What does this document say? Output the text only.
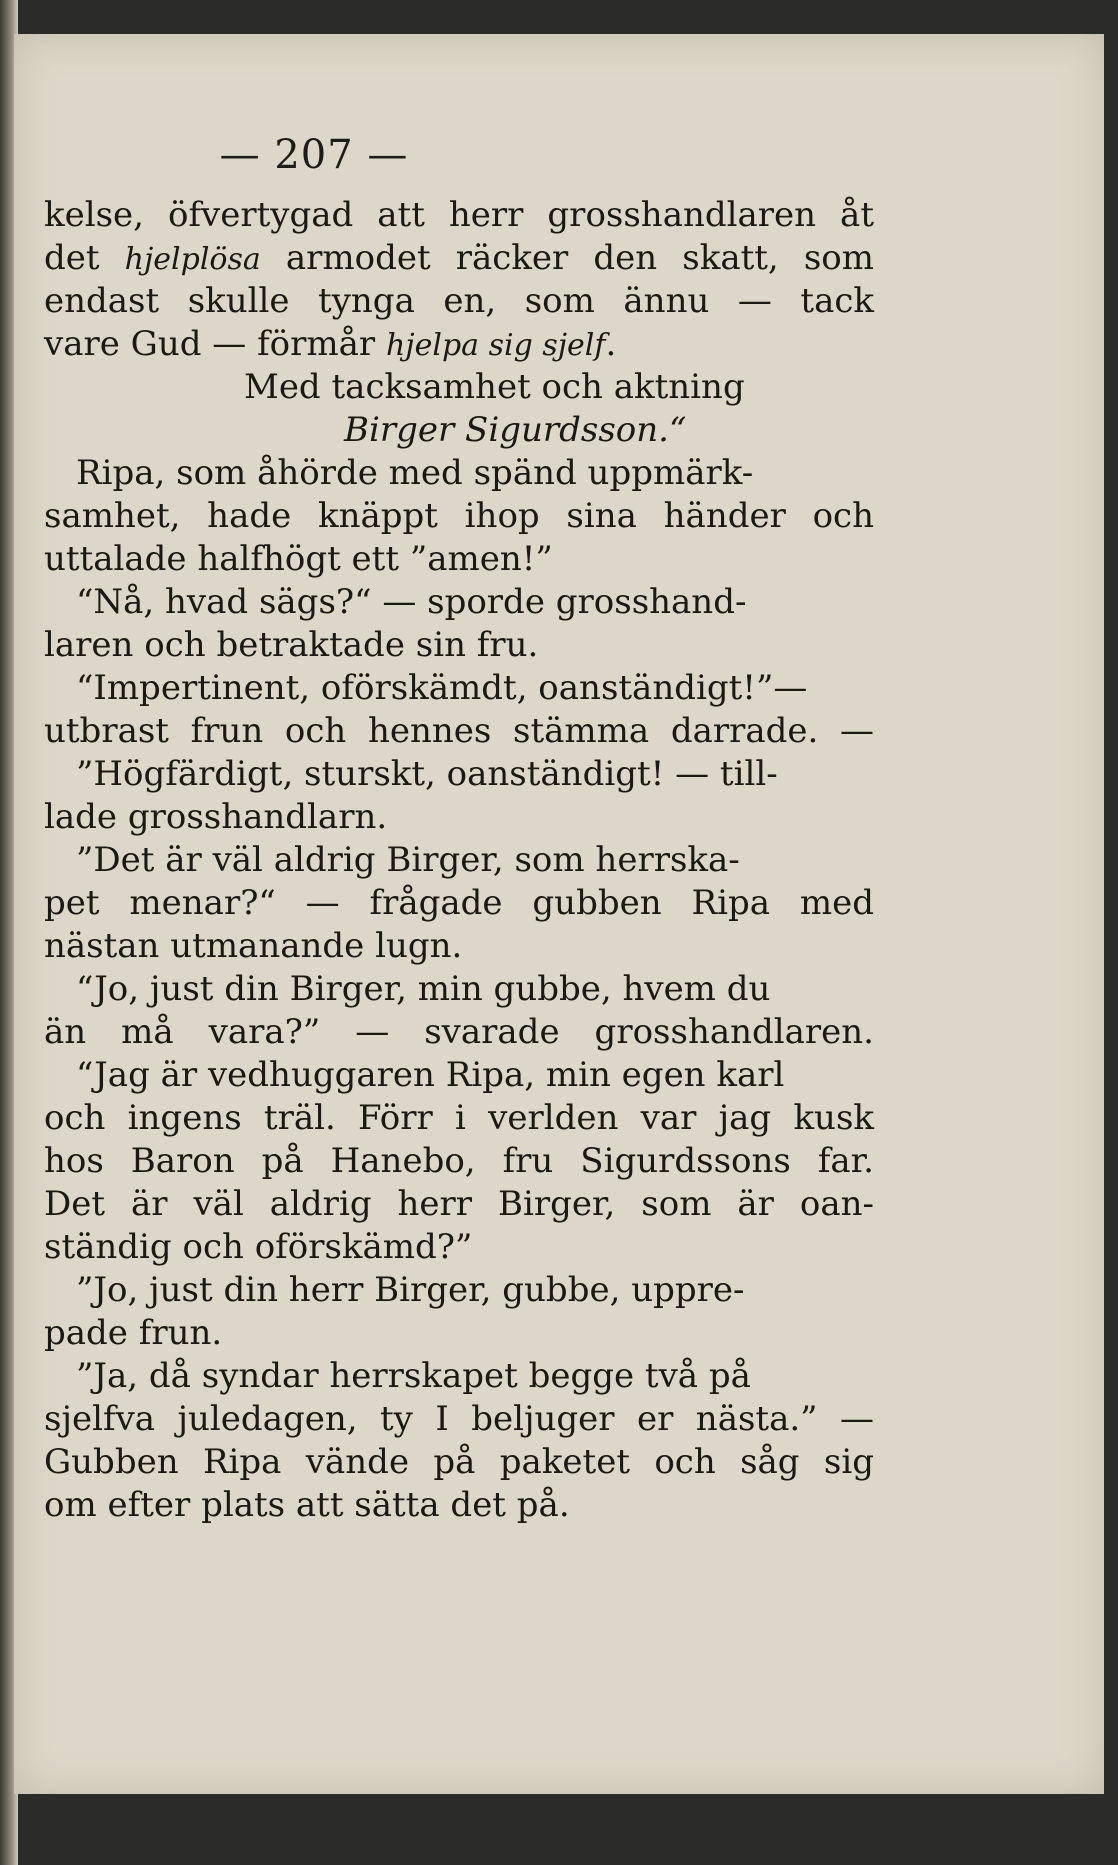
— 207 —
kelse, öfvertygad att herr grosshandlaren åt
det hjelplösa armodet räcker den skatt, som
endast skulle tynga en, som ännu — tack
vare Gud — förmår hjelpa sig sjelf.
Med tacksamhet och aktning
Birger Sigurdsson.“
Ripa, som åhörde med spänd uppmärk-
samhet, hade knäppt ihop sina händer och
uttalade halfhögt ett ”amen!”
“Nå, hvad sägs?“ — sporde grosshand-
laren och betraktade sin fru.
“Impertinent, oförskämdt, oanständigt!”—
utbrast frun och hennes stämma darrade. —
”Högfärdigt, sturskt, oanständigt! — till-
lade grosshandlarn.
”Det är väl aldrig Birger, som herrska-
pet menar?“ — frågade gubben Ripa med
nästan utmanande lugn.
“Jo, just din Birger, min gubbe, hvem du
än må vara?” — svarade grosshandlaren.
“Jag är vedhuggaren Ripa, min egen karl
och ingens träl. Förr i verlden var jag kusk
hos Baron på Hanebo, fru Sigurdssons far.
Det är väl aldrig herr Birger, som är oan-
ständig och oförskämd?”
”Jo, just din herr Birger, gubbe, uppre-
pade frun.
”Ja, då syndar herrskapet begge två på
sjelfva juledagen, ty I beljuger er nästa.” —
Gubben Ripa vände på paketet och såg sig
om efter plats att sätta det på.
